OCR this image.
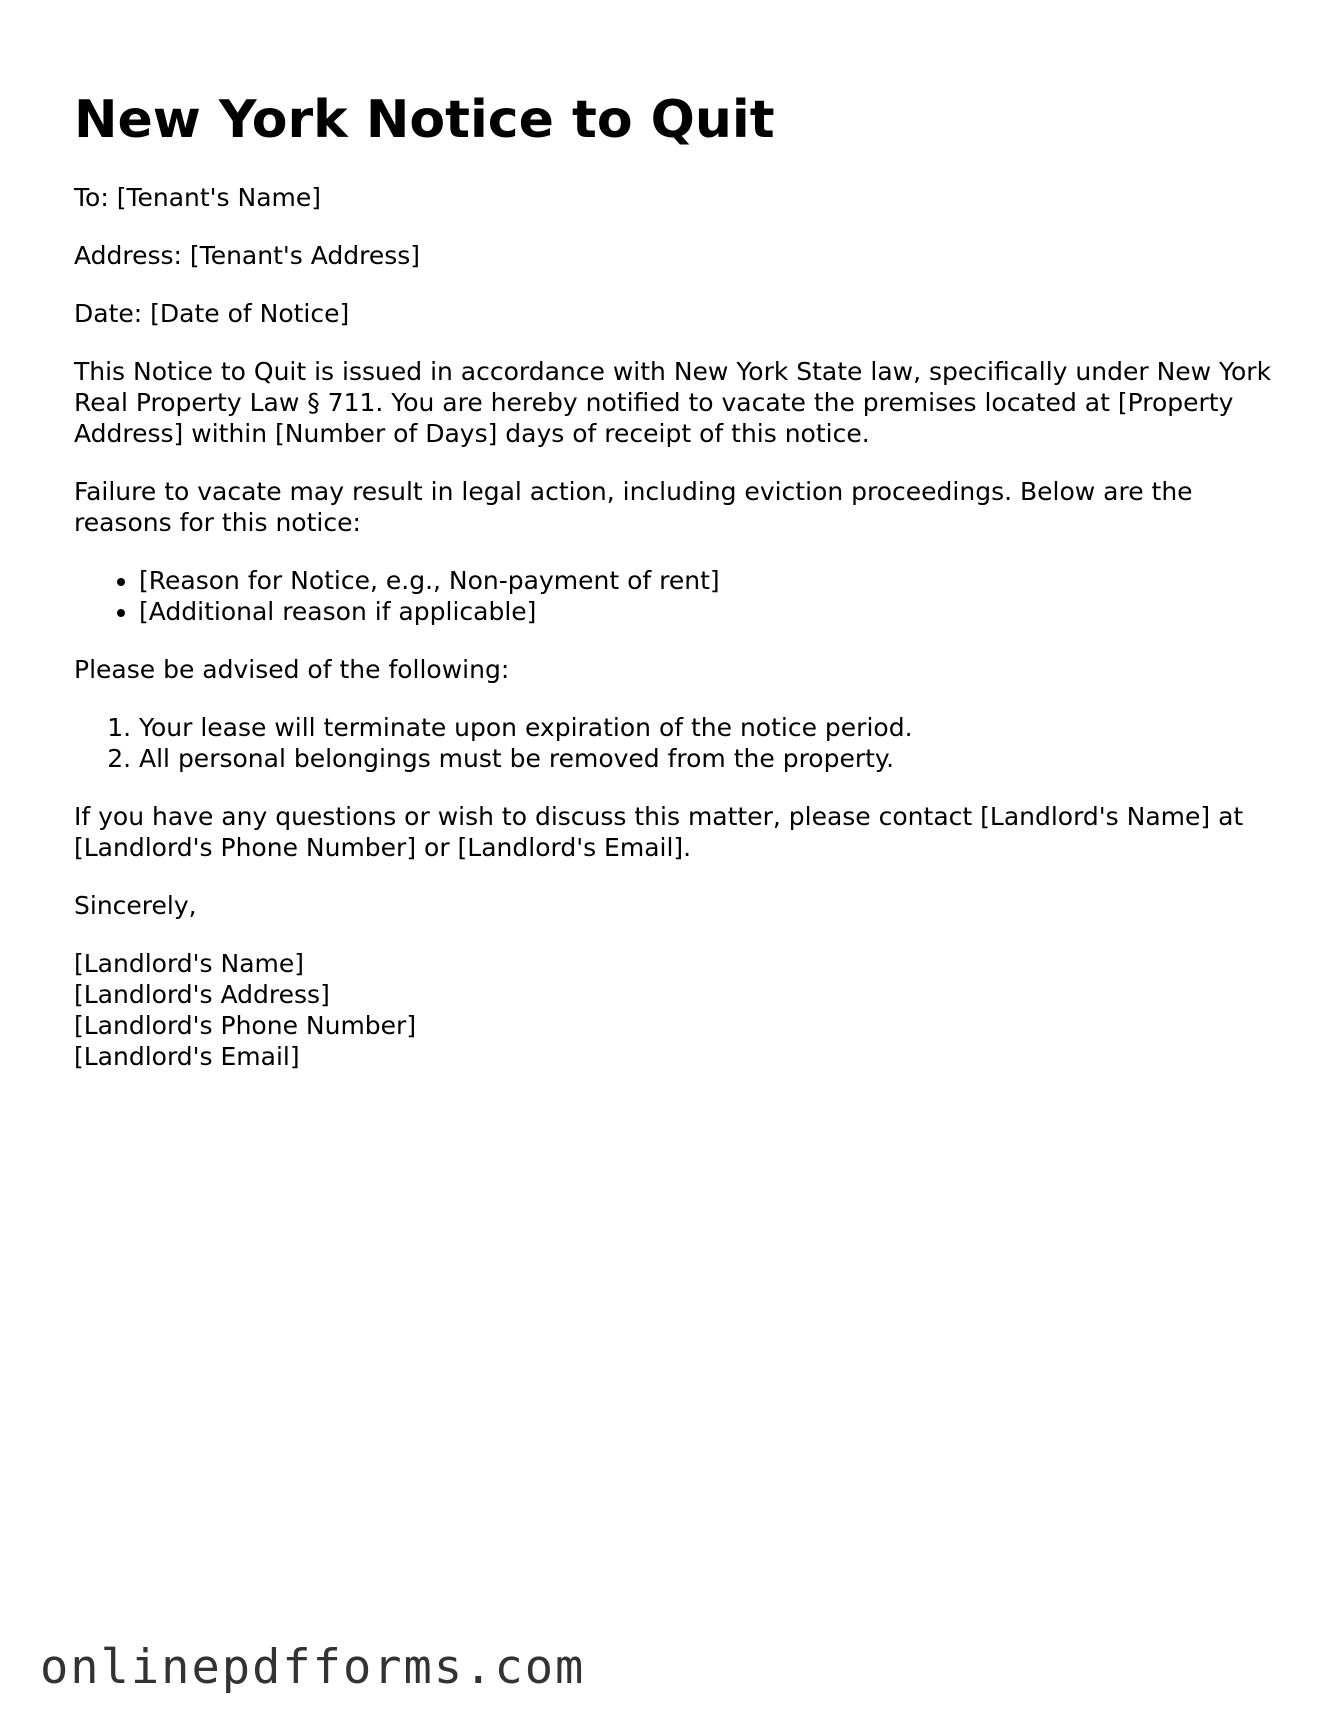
New York Notice to Quit

To: [Tenant's Name]

Address: [Tenant's Address]

Date: [Date of Notice]

This Notice to Quit is issued in accordance with New York State law, specifically under New York Real Property Law § 711. You are hereby notified to vacate the premises located at [Property Address] within [Number of Days] days of receipt of this notice.

Failure to vacate may result in legal action, including eviction proceedings. Below are the reasons for this notice:

• [Reason for Notice, e.g., Non-payment of rent]
• [Additional reason if applicable]

Please be advised of the following:

1. Your lease will terminate upon expiration of the notice period.
2. All personal belongings must be removed from the property.

If you have any questions or wish to discuss this matter, please contact [Landlord's Name] at [Landlord's Phone Number] or [Landlord's Email].

Sincerely,

[Landlord's Name]
[Landlord's Address]
[Landlord's Phone Number]
[Landlord's Email]
onlinepdfforms.com
